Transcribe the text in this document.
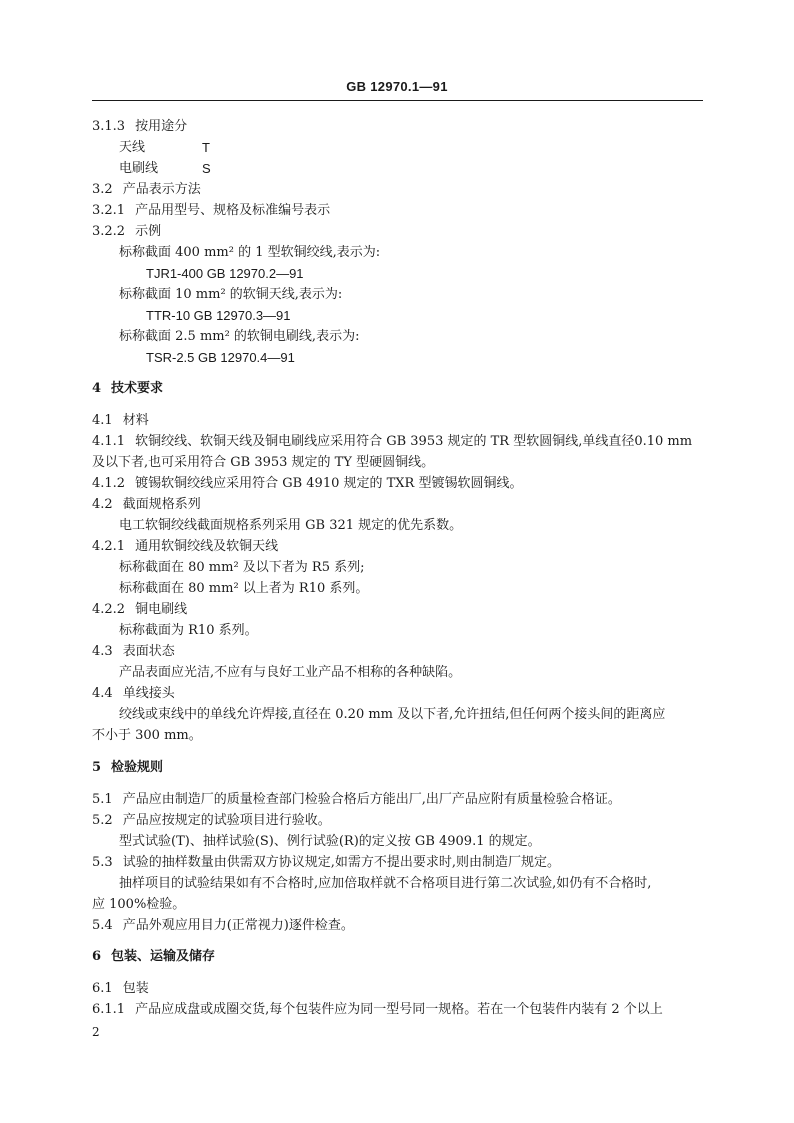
GB 12970.1—91
3.1.3 按用途分
天线	T
电刷线	S
3.2 产品表示方法
3.2.1 产品用型号、规格及标准编号表示
3.2.2 示例
标称截面 400 mm² 的 1 型软铜绞线,表示为:
TJR1-400 GB 12970.2—91
标称截面 10 mm² 的软铜天线,表示为:
TTR-10 GB 12970.3—91
标称截面 2.5 mm² 的软铜电刷线,表示为:
TSR-2.5 GB 12970.4—91
4 技术要求
4.1 材料
4.1.1 软铜绞线、软铜天线及铜电刷线应采用符合 GB 3953 规定的 TR 型软圆铜线,单线直径0.10 mm
及以下者,也可采用符合 GB 3953 规定的 TY 型硬圆铜线。
4.1.2 镀锡软铜绞线应采用符合 GB 4910 规定的 TXR 型镀锡软圆铜线。
4.2 截面规格系列
电工软铜绞线截面规格系列采用 GB 321 规定的优先系数。
4.2.1 通用软铜绞线及软铜天线
标称截面在 80 mm² 及以下者为 R5 系列;
标称截面在 80 mm² 以上者为 R10 系列。
4.2.2 铜电刷线
标称截面为 R10 系列。
4.3 表面状态
产品表面应光洁,不应有与良好工业产品不相称的各种缺陷。
4.4 单线接头
绞线或束线中的单线允许焊接,直径在 0.20 mm 及以下者,允许扭结,但任何两个接头间的距离应
不小于 300 mm。
5 检验规则
5.1 产品应由制造厂的质量检查部门检验合格后方能出厂,出厂产品应附有质量检验合格证。
5.2 产品应按规定的试验项目进行验收。
型式试验(T)、抽样试验(S)、例行试验(R)的定义按 GB 4909.1 的规定。
5.3 试验的抽样数量由供需双方协议规定,如需方不提出要求时,则由制造厂规定。
抽样项目的试验结果如有不合格时,应加倍取样就不合格项目进行第二次试验,如仍有不合格时,
应 100%检验。
5.4 产品外观应用目力(正常视力)逐件检查。
6 包装、运输及储存
6.1 包装
6.1.1 产品应成盘或成圈交货,每个包装件应为同一型号同一规格。若在一个包装件内装有 2 个以上
2
